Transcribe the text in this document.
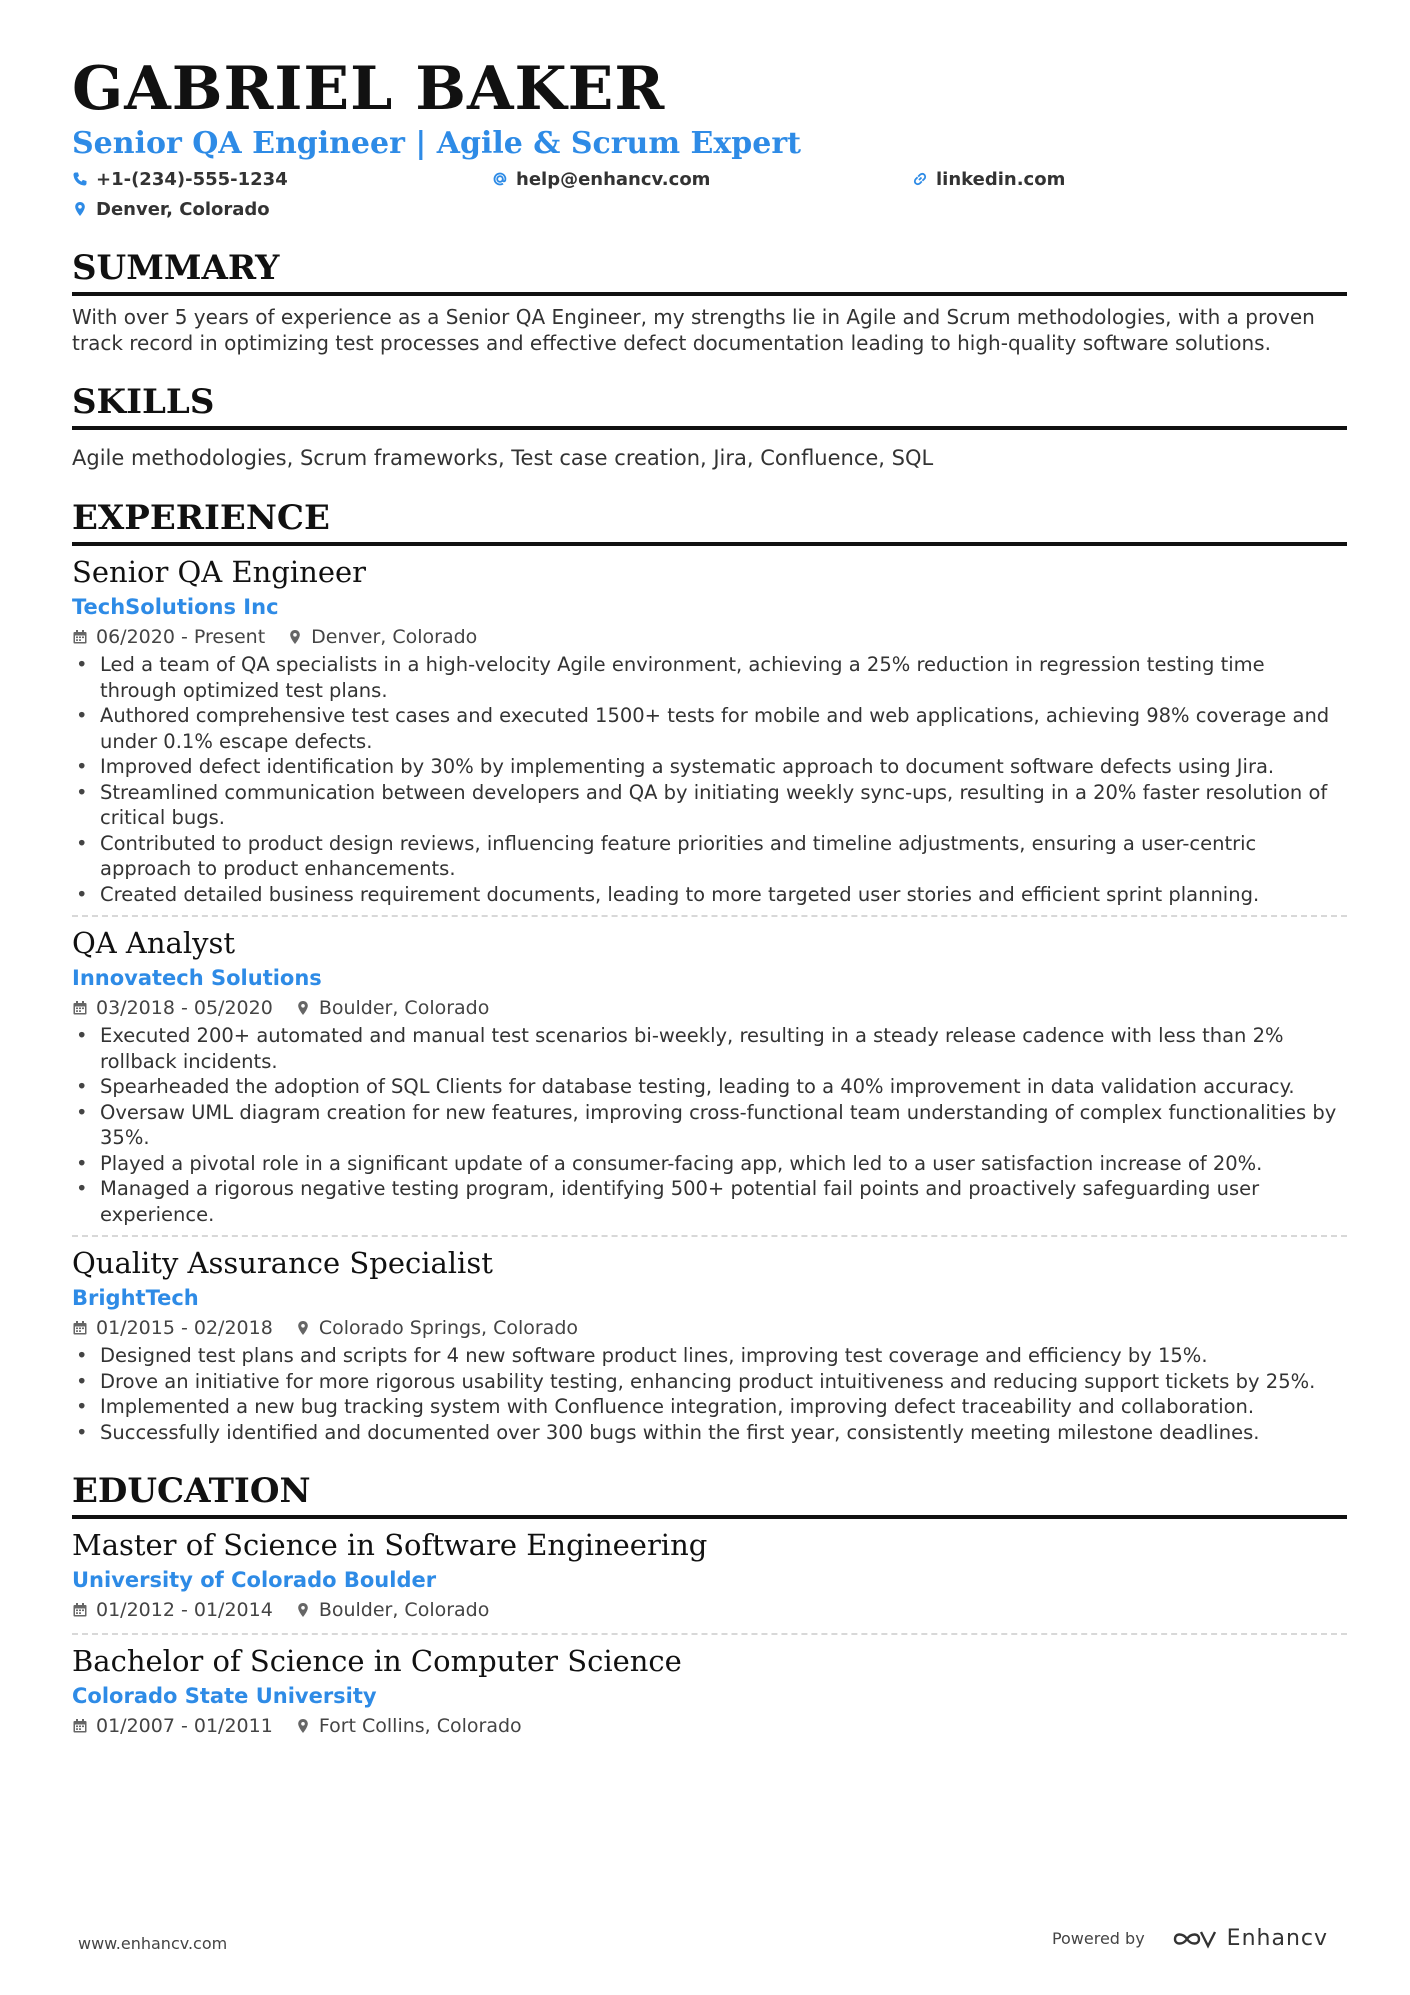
GABRIEL BAKER
Senior QA Engineer | Agile & Scrum Expert
+1-(234)-555-1234	help@enhancv.com	linkedin.com
Denver, Colorado
SUMMARY
With over 5 years of experience as a Senior QA Engineer, my strengths lie in Agile and Scrum methodologies, with a proven track record in optimizing test processes and effective defect documentation leading to high-quality software solutions.
SKILLS
Agile methodologies, Scrum frameworks, Test case creation, Jira, Confluence, SQL
EXPERIENCE
Senior QA Engineer
TechSolutions Inc
06/2020 - Present Denver, Colorado
• Led a team of QA specialists in a high-velocity Agile environment, achieving a 25% reduction in regression testing time through optimized test plans.
• Authored comprehensive test cases and executed 1500+ tests for mobile and web applications, achieving 98% coverage and under 0.1% escape defects.
• Improved defect identification by 30% by implementing a systematic approach to document software defects using Jira.
• Streamlined communication between developers and QA by initiating weekly sync-ups, resulting in a 20% faster resolution of critical bugs.
• Contributed to product design reviews, influencing feature priorities and timeline adjustments, ensuring a user-centric approach to product enhancements.
• Created detailed business requirement documents, leading to more targeted user stories and efficient sprint planning.
QA Analyst
Innovatech Solutions
03/2018 - 05/2020 Boulder, Colorado
• Executed 200+ automated and manual test scenarios bi-weekly, resulting in a steady release cadence with less than 2% rollback incidents.
• Spearheaded the adoption of SQL Clients for database testing, leading to a 40% improvement in data validation accuracy.
• Oversaw UML diagram creation for new features, improving cross-functional team understanding of complex functionalities by 35%.
• Played a pivotal role in a significant update of a consumer-facing app, which led to a user satisfaction increase of 20%.
• Managed a rigorous negative testing program, identifying 500+ potential fail points and proactively safeguarding user experience.
Quality Assurance Specialist
BrightTech
01/2015 - 02/2018 Colorado Springs, Colorado
• Designed test plans and scripts for 4 new software product lines, improving test coverage and efficiency by 15%.
• Drove an initiative for more rigorous usability testing, enhancing product intuitiveness and reducing support tickets by 25%.
• Implemented a new bug tracking system with Confluence integration, improving defect traceability and collaboration.
• Successfully identified and documented over 300 bugs within the first year, consistently meeting milestone deadlines.
EDUCATION
Master of Science in Software Engineering
University of Colorado Boulder
01/2012 - 01/2014 Boulder, Colorado
Bachelor of Science in Computer Science
Colorado State University
01/2007 - 01/2011 Fort Collins, Colorado
www.enhancv.com	Powered by	Enhancv
